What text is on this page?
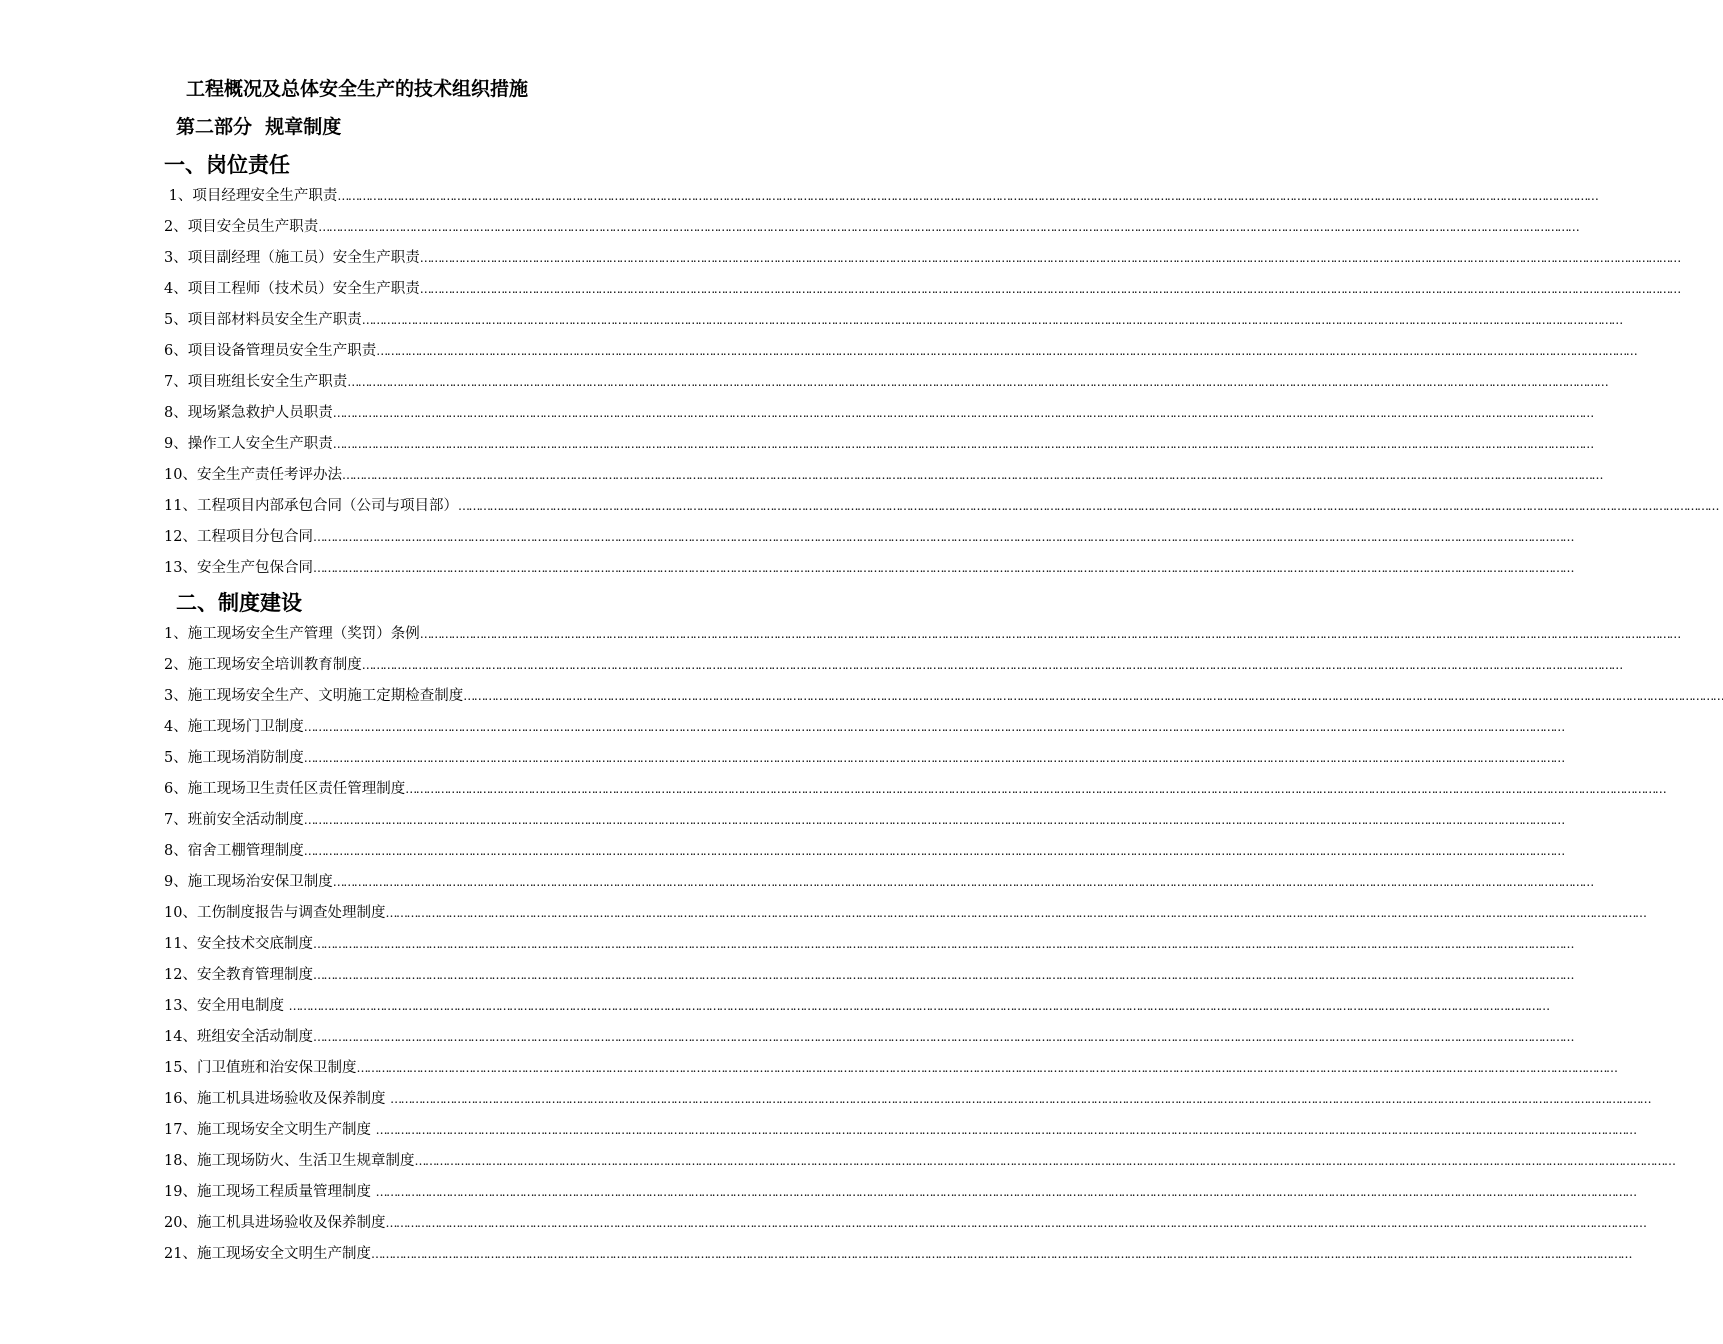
工程概况及总体安全生产的技术组织措施
第二部分  规章制度
一、岗位责任
1、项目经理安全生产职责 ………………………………………………………………………………………………………………………………………………………………………………………………………………………………………………………………………………………………………………………………
2、项目安全员生产职责 ………………………………………………………………………………………………………………………………………………………………………………………………………………………………………………………………………………………………………………………………
3、项目副经理（施工员）安全生产职责 ………………………………………………………………………………………………………………………………………………………………………………………………………………………………………………………………………………………………………………………………
4、项目工程师（技术员）安全生产职责 ………………………………………………………………………………………………………………………………………………………………………………………………………………………………………………………………………………………………………………………………
5、项目部材料员安全生产职责 ………………………………………………………………………………………………………………………………………………………………………………………………………………………………………………………………………………………………………………………………
6、项目设备管理员安全生产职责 ………………………………………………………………………………………………………………………………………………………………………………………………………………………………………………………………………………………………………………………………
7、项目班组长安全生产职责 ………………………………………………………………………………………………………………………………………………………………………………………………………………………………………………………………………………………………………………………………
8、现场紧急救护人员职责 ………………………………………………………………………………………………………………………………………………………………………………………………………………………………………………………………………………………………………………………………
9、操作工人安全生产职责 ………………………………………………………………………………………………………………………………………………………………………………………………………………………………………………………………………………………………………………………………
10、安全生产责任考评办法 ………………………………………………………………………………………………………………………………………………………………………………………………………………………………………………………………………………………………………………………………
11、工程项目内部承包合同（公司与项目部） ………………………………………………………………………………………………………………………………………………………………………………………………………………………………………………………………………………………………………………………………
12、工程项目分包合同 ………………………………………………………………………………………………………………………………………………………………………………………………………………………………………………………………………………………………………………………………
13、安全生产包保合同 ………………………………………………………………………………………………………………………………………………………………………………………………………………………………………………………………………………………………………………………………
二、制度建设
1、施工现场安全生产管理（奖罚）条例 ………………………………………………………………………………………………………………………………………………………………………………………………………………………………………………………………………………………………………………………………
2、施工现场安全培训教育制度 ………………………………………………………………………………………………………………………………………………………………………………………………………………………………………………………………………………………………………………………………
3、施工现场安全生产、文明施工定期检查制度 ………………………………………………………………………………………………………………………………………………………………………………………………………………………………………………………………………………………………………………………………
4、施工现场门卫制度 ………………………………………………………………………………………………………………………………………………………………………………………………………………………………………………………………………………………………………………………………
5、施工现场消防制度 ………………………………………………………………………………………………………………………………………………………………………………………………………………………………………………………………………………………………………………………………
6、施工现场卫生责任区责任管理制度 ………………………………………………………………………………………………………………………………………………………………………………………………………………………………………………………………………………………………………………………………
7、班前安全活动制度 ………………………………………………………………………………………………………………………………………………………………………………………………………………………………………………………………………………………………………………………………
8、宿舍工棚管理制度 ………………………………………………………………………………………………………………………………………………………………………………………………………………………………………………………………………………………………………………………………
9、施工现场治安保卫制度 ………………………………………………………………………………………………………………………………………………………………………………………………………………………………………………………………………………………………………………………………
10、工伤制度报告与调查处理制度 ………………………………………………………………………………………………………………………………………………………………………………………………………………………………………………………………………………………………………………………………
11、安全技术交底制度 ………………………………………………………………………………………………………………………………………………………………………………………………………………………………………………………………………………………………………………………………
12、安全教育管理制度 ………………………………………………………………………………………………………………………………………………………………………………………………………………………………………………………………………………………………………………………………
13、安全用电制度 ………………………………………………………………………………………………………………………………………………………………………………………………………………………………………………………………………………………………………………………………
14、班组安全活动制度 ………………………………………………………………………………………………………………………………………………………………………………………………………………………………………………………………………………………………………………………………
15、门卫值班和治安保卫制度 ………………………………………………………………………………………………………………………………………………………………………………………………………………………………………………………………………………………………………………………………
16、施工机具进场验收及保养制度 ………………………………………………………………………………………………………………………………………………………………………………………………………………………………………………………………………………………………………………………………
17、施工现场安全文明生产制度 ………………………………………………………………………………………………………………………………………………………………………………………………………………………………………………………………………………………………………………………………
18、施工现场防火、生活卫生规章制度 ………………………………………………………………………………………………………………………………………………………………………………………………………………………………………………………………………………………………………………………………
19、施工现场工程质量管理制度 ………………………………………………………………………………………………………………………………………………………………………………………………………………………………………………………………………………………………………………………………
20、施工机具进场验收及保养制度 ………………………………………………………………………………………………………………………………………………………………………………………………………………………………………………………………………………………………………………………………
21、施工现场安全文明生产制度 ………………………………………………………………………………………………………………………………………………………………………………………………………………………………………………………………………………………………………………………………
